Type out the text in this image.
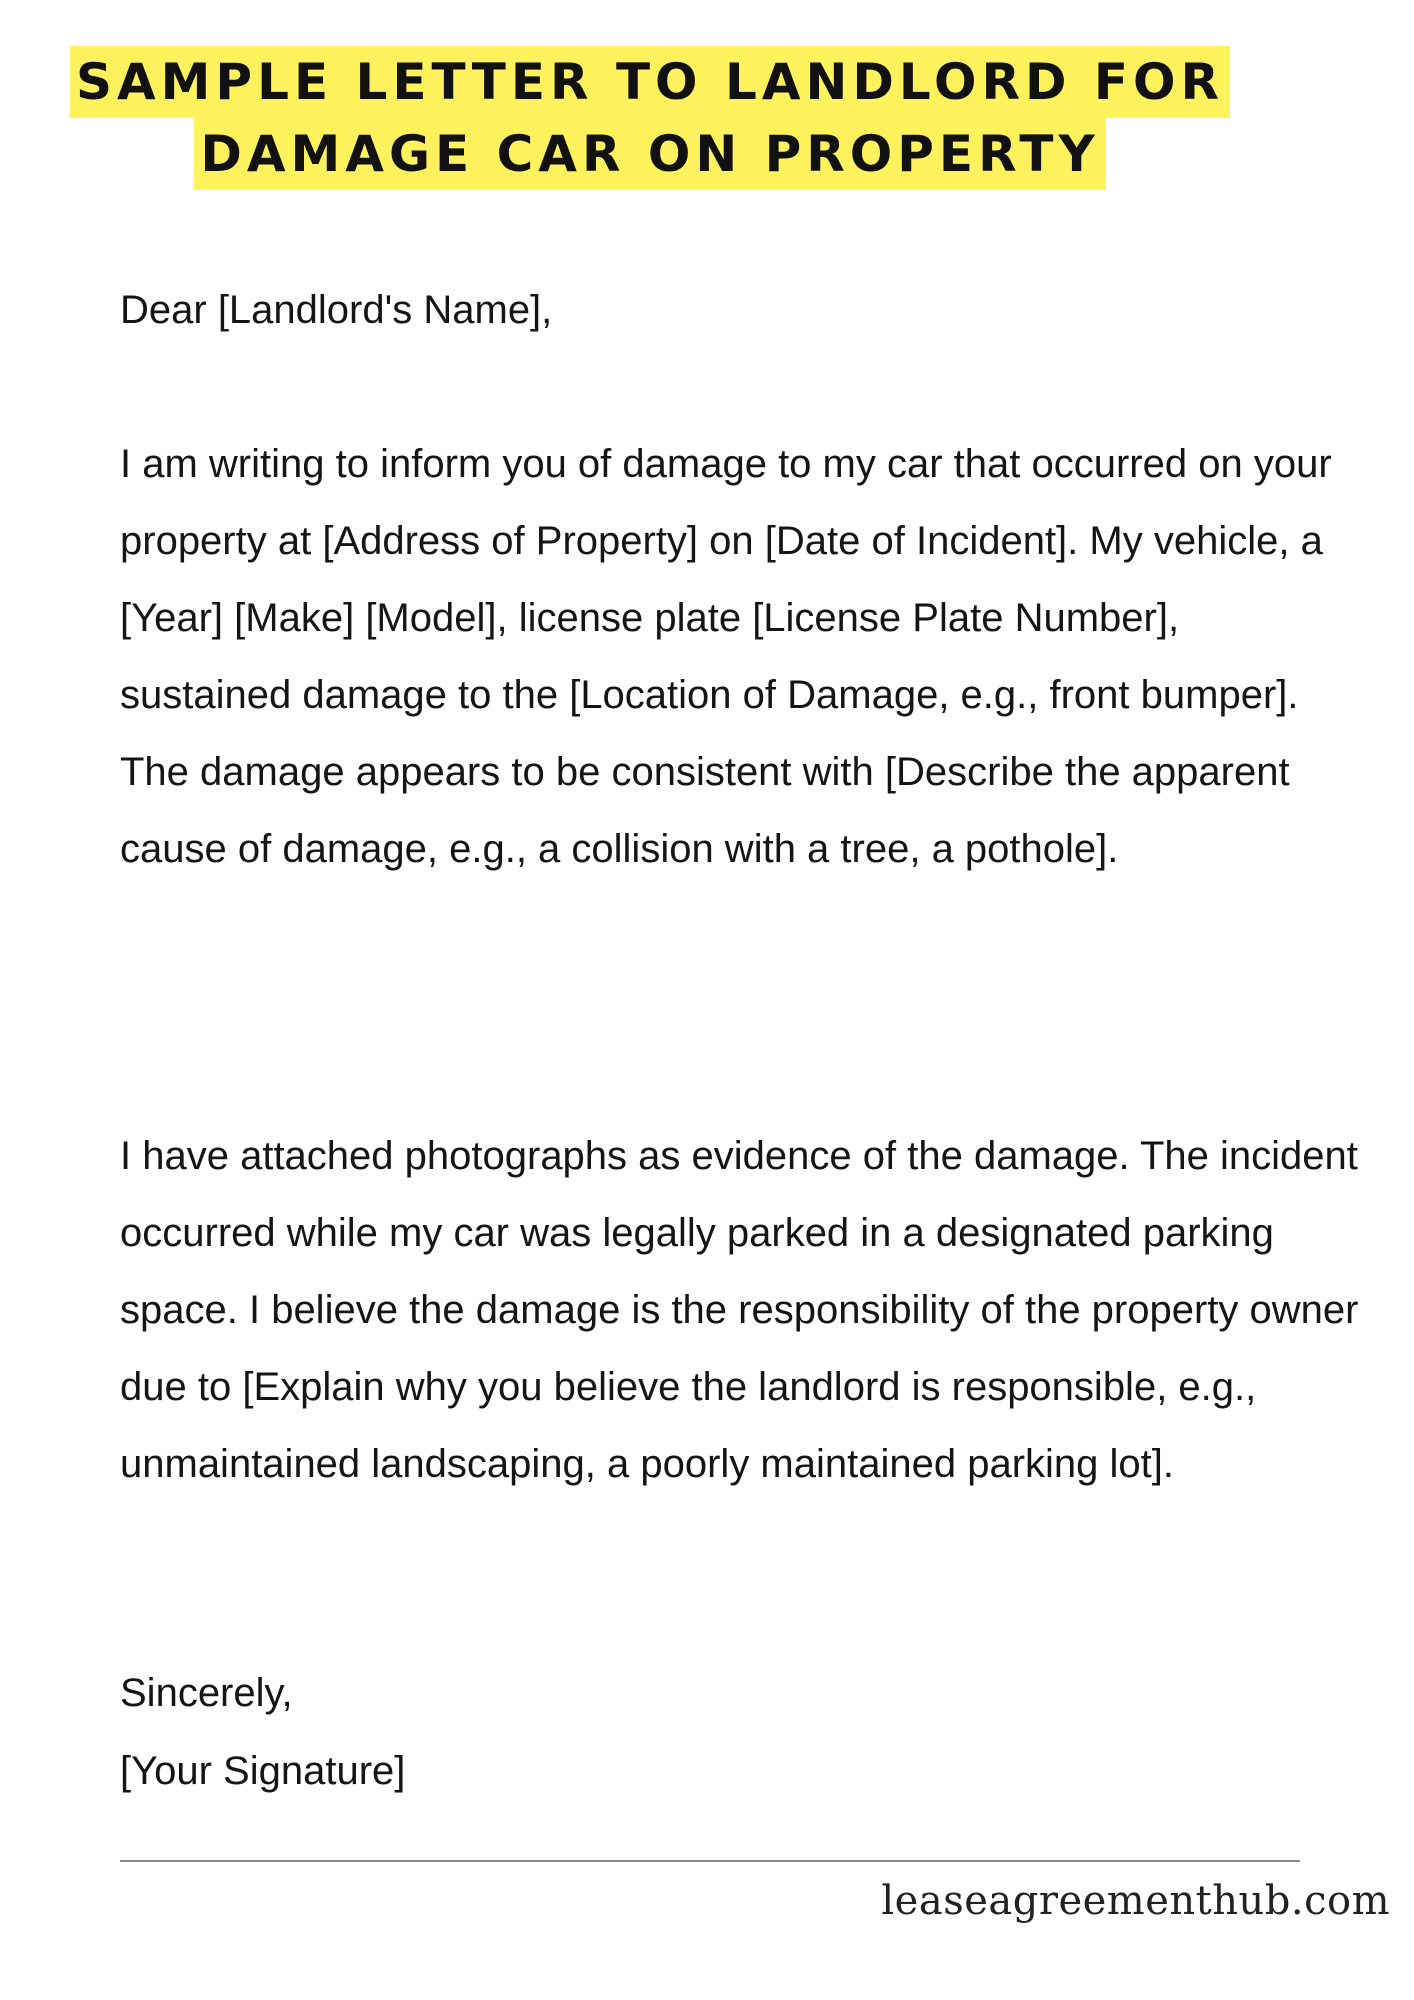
SAMPLE LETTER TO LANDLORD FOR
DAMAGE CAR ON PROPERTY

Dear [Landlord's Name],

I am writing to inform you of damage to my car that occurred on your property at [Address of Property] on [Date of Incident]. My vehicle, a [Year] [Make] [Model], license plate [License Plate Number], sustained damage to the [Location of Damage, e.g., front bumper]. The damage appears to be consistent with [Describe the apparent cause of damage, e.g., a collision with a tree, a pothole].

I have attached photographs as evidence of the damage. The incident occurred while my car was legally parked in a designated parking space. I believe the damage is the responsibility of the property owner due to [Explain why you believe the landlord is responsible, e.g., unmaintained landscaping, a poorly maintained parking lot].

Sincerely,

[Your Signature]

leaseagreementhub.com
